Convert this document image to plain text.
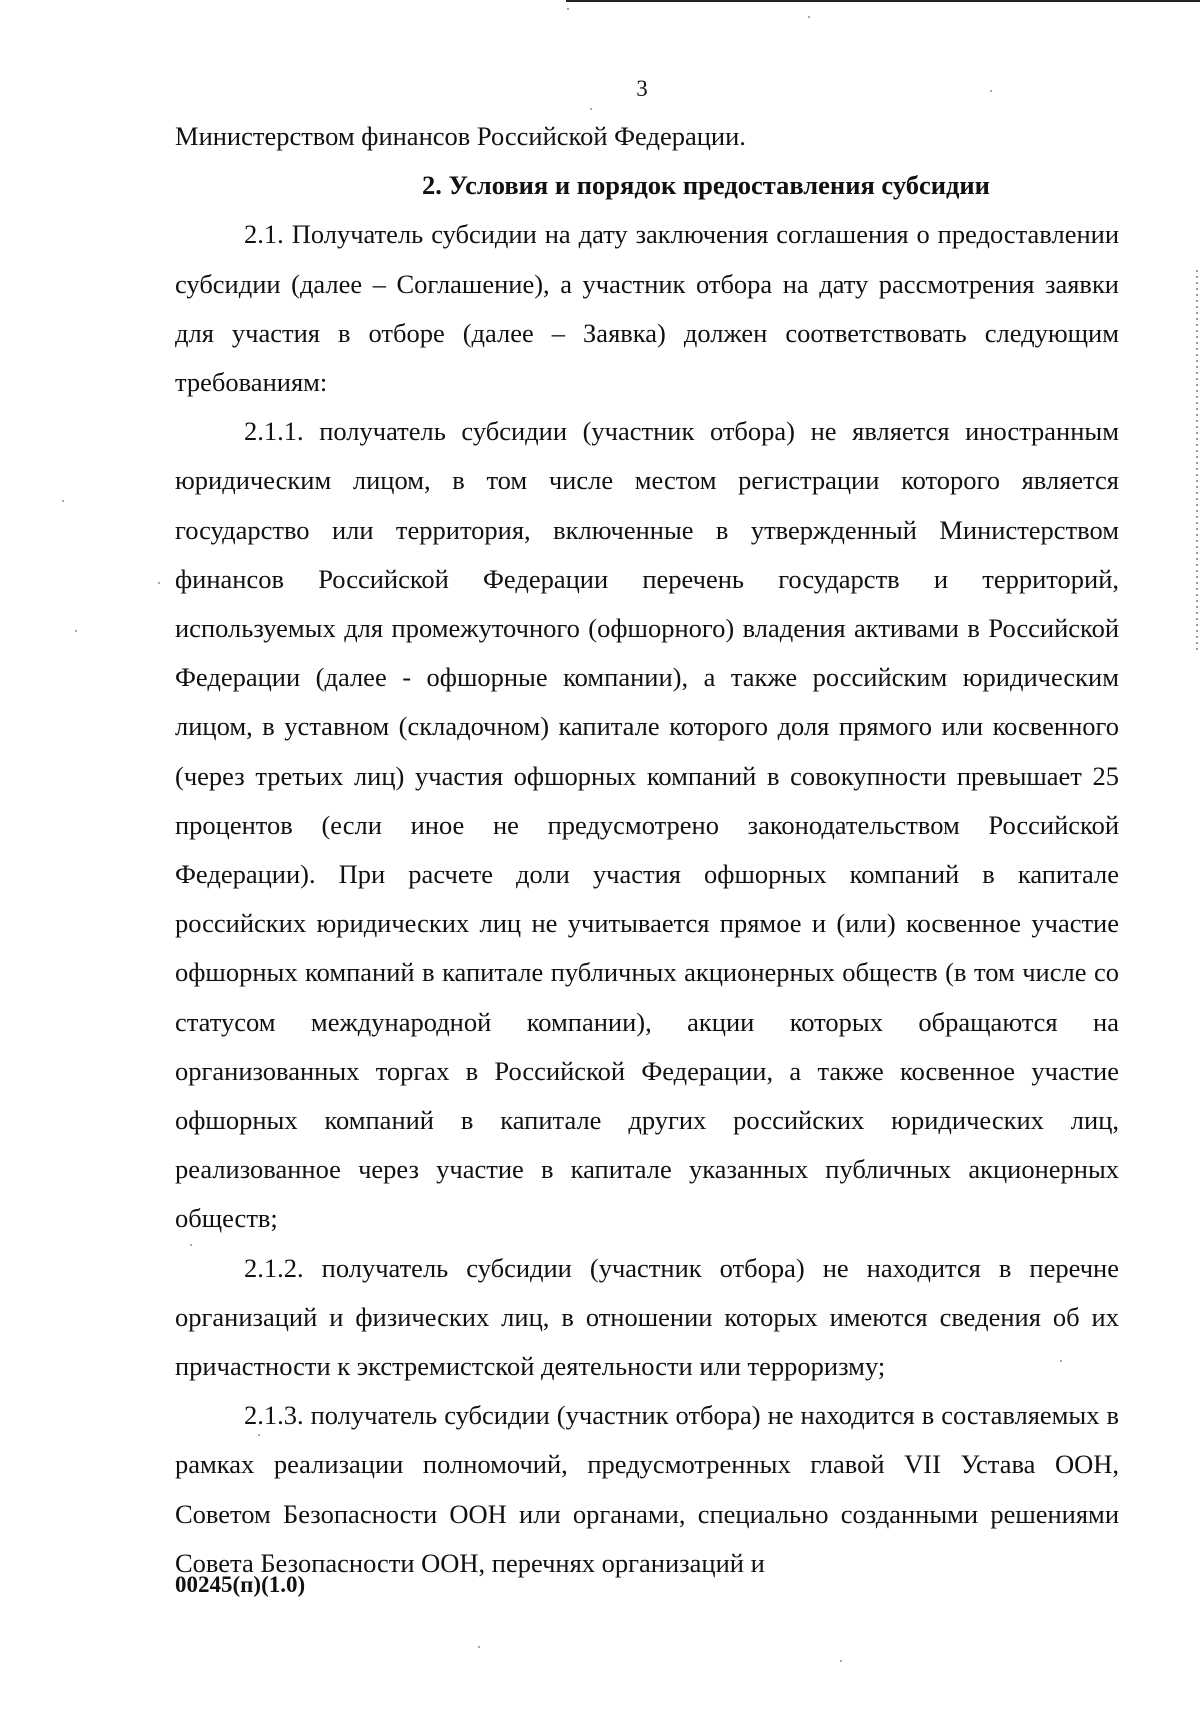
3

Министерством финансов Российской Федерации.

2. Условия и порядок предоставления субсидии

2.1. Получатель субсидии на дату заключения соглашения о предоставлении субсидии (далее – Соглашение), а участник отбора на дату рассмотрения заявки для участия в отборе (далее – Заявка) должен соответствовать следующим требованиям:

2.1.1. получатель субсидии (участник отбора) не является иностранным юридическим лицом, в том числе местом регистрации которого является государство или территория, включенные в утвержденный Министерством финансов Российской Федерации перечень государств и территорий, используемых для промежуточного (офшорного) владения активами в Российской Федерации (далее - офшорные компании), а также российским юридическим лицом, в уставном (складочном) капитале которого доля прямого или косвенного (через третьих лиц) участия офшорных компаний в совокупности превышает 25 процентов (если иное не предусмотрено законодательством Российской Федерации). При расчете доли участия офшорных компаний в капитале российских юридических лиц не учитывается прямое и (или) косвенное участие офшорных компаний в капитале публичных акционерных обществ (в том числе со статусом международной компании), акции которых обращаются на организованных торгах в Российской Федерации, а также косвенное участие офшорных компаний в капитале других российских юридических лиц, реализованное через участие в капитале указанных публичных акционерных обществ;

2.1.2. получатель субсидии (участник отбора) не находится в перечне организаций и физических лиц, в отношении которых имеются сведения об их причастности к экстремистской деятельности или терроризму;

2.1.3. получатель субсидии (участник отбора) не находится в составляемых в рамках реализации полномочий, предусмотренных главой VII Устава ООН, Советом Безопасности ООН или органами, специально созданными решениями Совета Безопасности ООН, перечнях организаций и

00245(п)(1.0)
